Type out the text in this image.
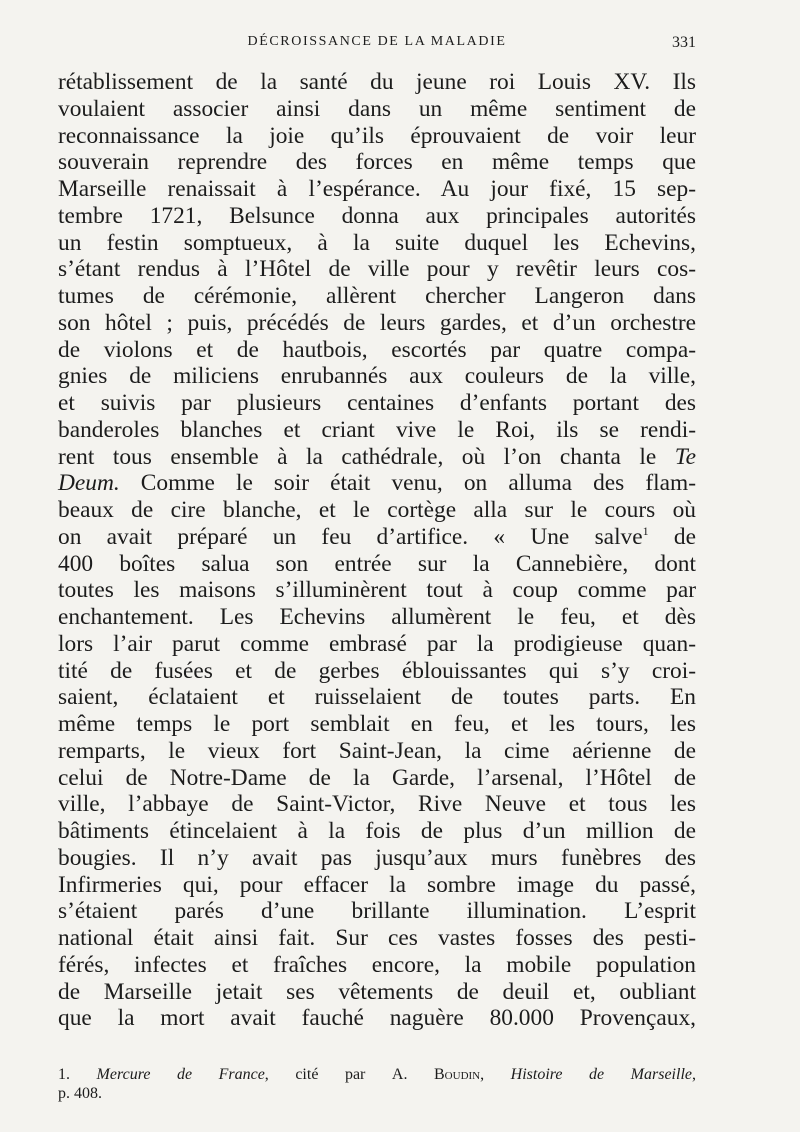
DÉCROISSANCE DE LA MALADIE	331
rétablissement de la santé du jeune roi Louis XV. Ils
voulaient associer ainsi dans un même sentiment de
reconnaissance la joie qu’ils éprouvaient de voir leur
souverain reprendre des forces en même temps que
Marseille renaissait à l’espérance. Au jour fixé, 15 sep-
tembre 1721, Belsunce donna aux principales autorités
un festin somptueux, à la suite duquel les Echevins,
s’étant rendus à l’Hôtel de ville pour y revêtir leurs cos-
tumes de cérémonie, allèrent chercher Langeron dans
son hôtel ; puis, précédés de leurs gardes, et d’un orchestre
de violons et de hautbois, escortés par quatre compa-
gnies de miliciens enrubannés aux couleurs de la ville,
et suivis par plusieurs centaines d’enfants portant des
banderoles blanches et criant vive le Roi, ils se rendi-
rent tous ensemble à la cathédrale, où l’on chanta le Te
Deum. Comme le soir était venu, on alluma des flam-
beaux de cire blanche, et le cortège alla sur le cours où
on avait préparé un feu d’artifice. « Une salve$^1$ de
400 boîtes salua son entrée sur la Cannebière, dont
toutes les maisons s’illuminèrent tout à coup comme par
enchantement. Les Echevins allumèrent le feu, et dès
lors l’air parut comme embrasé par la prodigieuse quan-
tité de fusées et de gerbes éblouissantes qui s’y croi-
saient, éclataient et ruisselaient de toutes parts. En
même temps le port semblait en feu, et les tours, les
remparts, le vieux fort Saint-Jean, la cime aérienne de
celui de Notre-Dame de la Garde, l’arsenal, l’Hôtel de
ville, l’abbaye de Saint-Victor, Rive Neuve et tous les
bâtiments étincelaient à la fois de plus d’un million de
bougies. Il n’y avait pas jusqu’aux murs funèbres des
Infirmeries qui, pour effacer la sombre image du passé,
s’étaient parés d’une brillante illumination. L’esprit
national était ainsi fait. Sur ces vastes fosses des pesti-
férés, infectes et fraîches encore, la mobile population
de Marseille jetait ses vêtements de deuil et, oubliant
que la mort avait fauché naguère 80.000 Provençaux,
1. Mercure de France, cité par A. Boudin, Histoire de Marseille,
p. 408.
